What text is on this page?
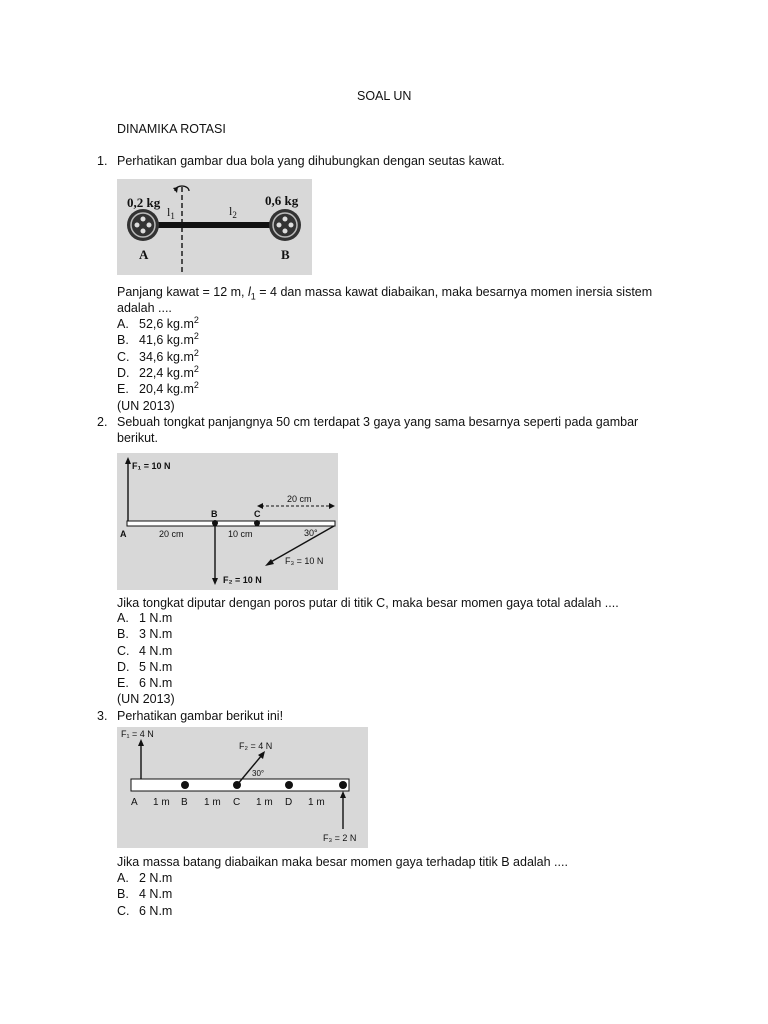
SOAL UN
DINAMIKA ROTASI
1. Perhatikan gambar dua bola yang dihubungkan dengan seutas kawat.
0,2 kg	0,6 kg
$l_1$	$l_2$
A	B
Panjang kawat = 12 m, $l_1 = 4$ dan massa kawat diabaikan, maka besarnya momen inersia sistem
adalah ....
A. 52,6 $kg.m^2$
B. 41,6 $kg.m^2$
C. 34,6 $kg.m^2$
D. 22,4 $kg.m^2$
E. 20,4 $kg.m^2$
(UN 2013)
2. Sebuah tongkat panjangnya 50 cm terdapat 3 gaya yang sama besarnya seperti pada gambar
berikut.
F₁ = 10 N
F₂ = 10 N
A
B	C
20 cm
20 cm	10 cm	30°
F₃ = 10 N
Jika tongkat diputar dengan poros putar di titik C, maka besar momen gaya total adalah ....
A. 1 N.m
B. 3 N.m
C. 4 N.m
D. 5 N.m
E. 6 N.m
(UN 2013)
3. Perhatikan gambar berikut ini!
F₁ = 4 N
F₂ = 4 N
30°
A 1 m B 1 m C 1 m D 1 m
F₃ = 2 N
Jika massa batang diabaikan maka besar momen gaya terhadap titik B adalah ....
A. 2 N.m
B. 4 N.m
C. 6 N.m
